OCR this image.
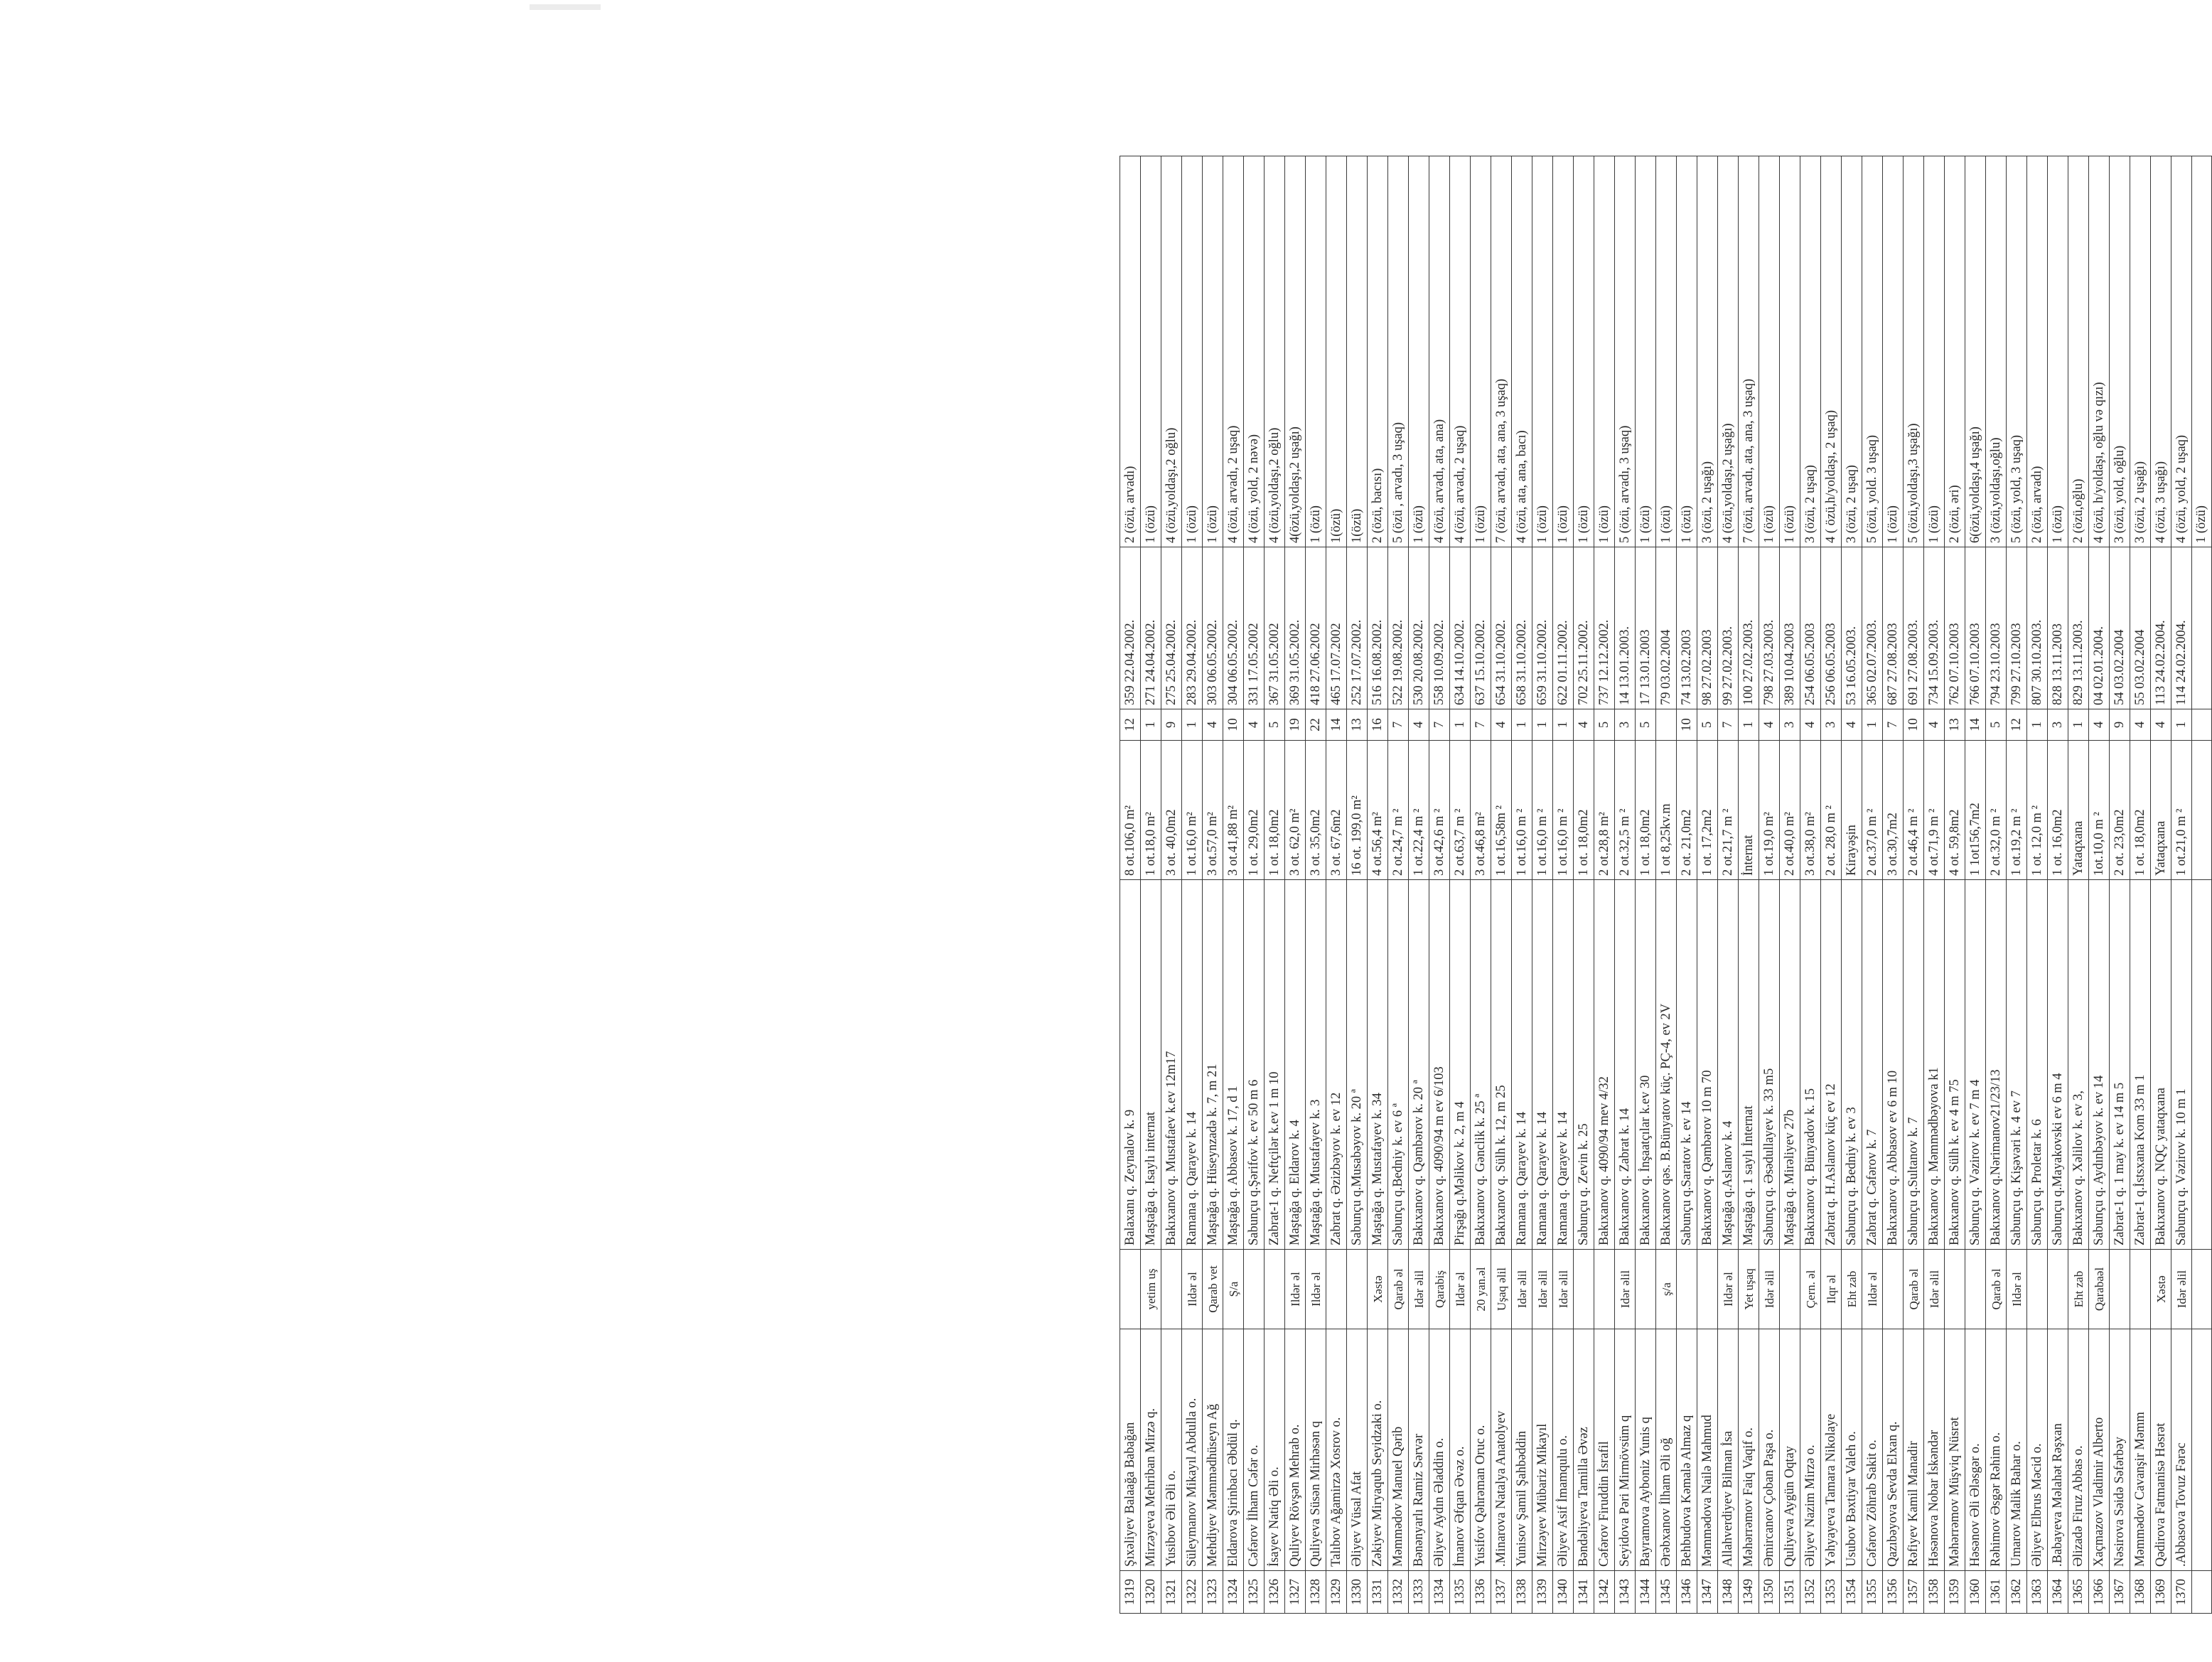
1319	Şıxəliyev Balaağa Babağan		Balaxanı q. Zeynalov k. 9	8 ot.106,0 m²	12	359 22.04.2002.	2 (özü, arvadı)
1320	Mirzəyeva Mehriban Mirzə q.	yetim uş	Maştağa q. Isaylı internat	1 ot.18,0 m²	1	271 24.04.2002.	1 (özü)
1321	Yusibov Əli Əli o.		Bakıxanov q. Mustafaev k.ev 12m17	3 ot. 40,0m2	9	275 25.04.2002.	4 (özü,yoldaşı,2 oğlu)
1322	Süleymanov Mikayıl Abdulla o.	Ildər əl	Ramana q. Qarayev k. 14	1 ot.16,0 m²	1	283 29.04.2002.	1 (özü)
1323	Mehdiyev Məmmədhüseyn Ağ	Qarab vet	Maştağa q. Hüseynzadə k. 7, m 21	3 ot.57,0 m²	4	303 06.05.2002.	1 (özü)
1324	Eldarova Şirinbacı Əbdül q.	Ş/a	Maştağa q. Abbasov k. 17, d 1	3 ot.41,88 m²	10	304 06.05.2002.	4 (özü, arvadı, 2 uşaq)
1325	Cəfərov İlham Cəfər o.		Sabunçu q.Şərifov k. ev 50 m 6	1 ot. 29,0m2	4	331 17.05.2002	4 (özü, yold, 2 nəvə)
1326	İsayev Natiq Əli o.		Zabrat-1 q. Neftçilər k.ev 1 m 10	1 ot. 18,0m2	5	367 31.05.2002	4 (özü,yoldaşı,2 oğlu)
1327	Quliyev Rövşən Mehrab o.	Ildər əl	Maştağa q. Eldarov k. 4	3 ot. 62,0 m²	19	369 31.05.2002.	4(özü,yoldaşı,2 uşağı)
1328	Quliyeva Süsən Mirhəsən q	Ildər əl	Maştağa q. Mustafayev k. 3	3 ot. 35,0m2	22	418 27.06.2002	1 (özü)
1329	Talıbov Ağamirzə Xosrov o.		Zabrat q. Əzizbəyov k. ev 12	3 ot. 67,6m2	14	465 17.07.2002	1(özü)
1330	Əliyev Vüsal Afat		Sabunçu q.Musabəyov k. 20 ª	16 ot. 199,0 m²	13	252 17.07.2002.	1(özü)
1331	Zəkiyev Miryaqub Seyidzaki o.	Xəstə	Maştağa q. Mustafayev k. 34	4 ot.56,4 m²	16	516 16.08.2002.	2 (özü, bacısı)
1332	Məmmədov Manuel Qərib	Qarab əl	Sabunçu q.Bedniy k. ev 6 ª	2 ot.24,7 m ²	7	522 19.08.2002.	5 (özü , arvadı, 3 uşaq)
1333	Bənənyarlı Ramiz Sərvər	Idər əlil	Bakıxanov q. Qəmbərov k. 20 ª	1 ot.22,4 m ²	4	530 20.08.2002.	1 (özü)
1334	Əliyev Aydın Əladdin o.	Qarabiş	Bakıxanov q. 4090/94 m ev 6/103	3 ot.42,6 m ²	7	558 10.09.2002.	4 (özü, arvadı, ata, ana)
1335	İmanov Əfqan Əvəz o.	Ildər əl	Pirşağı q.Məlikov k. 2, m 4	2 ot.63,7 m ²	1	634 14.10.2002.	4 (özü, arvadı, 2 uşaq)
1336	Yusifov Qəhrəman Oruc o.	20 yan.əl	Bakıxanov q. Gənclik k. 25 ª	3 ot.46,8 m²	7	637 15.10.2002.	1 (özü)
1337	.Minarova Natalya Anatolyev	Uşaq əlil	Bakıxanov q. Sülh k. 12, m 25	1 ot.16,58m ²	4	654 31.10.2002.	7 (özü, arvadı, ata, ana, 3 uşaq)
1338	Yunisov Şamil Şahbəddin	Idər əlil	Ramana q. Qarayev k. 14	1 ot.16,0 m ²	1	658 31.10.2002.	4 (özü, ata, ana, bacı)
1339	Mirzəyev Mübariz Mikayıl	Idər əlil	Ramana q. Qarayev k. 14	1 ot.16,0 m ²	1	659 31.10.2002.	1 (özü)
1340	Əliyev Asif İmamqulu o.	Idər əlil	Ramana q. Qarayev k. 14	1 ot.16,0 m ²	1	622 01.11.2002.	1 (özü)
1341	Bəndəliyeva Tamilla Əvəz		Sabunçu q. Zevin k. 25	1 ot. 18,0m2	4	702 25.11.2002.	1 (özü)
1342	Cəfərov Firuddin İsrafil		Bakıxanov q. 4090/94 mev 4/32	2 ot.28,8 m²	5	737 12.12.2002.	1 (özü)
1343	Seyidova Pəri Mirmövsüm q	Idər əlil	Bakıxanov q. Zabrat k. 14	2 ot.32,5 m ²	3	14 13.01.2003.	5 (özü, arvadı, 3 uşaq)
1344	Bayramova Ayboniz Yunis q		Bakıxanov q. İnşaatçılar k.ev 30	1 ot. 18,0m2	5	17 13.01.2003	1 (özü)
1345	Ərəbxanov İlham Əli oğ	ş/a	Bakıxanov qəs. B.Bünyatov küç. PÇ-4, ev 2V	1 ot 8,25kv.m		79 03.02.2004	1 (özü)
1346	Behbudova Kəmalə Almaz q		Sabunçu q.Saratov k. ev 14	2 ot. 21,0m2	10	74 13.02.2003	1 (özü)
1347	Məmmədova Nailə Mahmud		Bakıxanov q. Qəmbərov 10 m 70	1 ot. 17,2m2	5	98 27.02.2003	3 (özü, 2 uşağı)
1348	Allahverdiyev Bilman İsa	Ildər əl	Maştağa q.Aslanov k. 4	2 ot.21,7 m ²	7	99 27.02.2003.	4 (özü,yoldaşı,2 uşağı)
1349	Məhərrəmov Faiq Vaqif o.	Yet uşaq	Maştağa q. 1 saylı İnternat	İnternat	1	100 27.02.2003.	7 (özü, arvadı, ata, ana, 3 uşaq)
1350	Əmircanov Çoban Paşa o.	Idər əlil	Sabunçu q. Əsədullayev k. 33 m5	1 ot.19,0 m²	4	798 27.03.2003.	1 (özü)
1351	Quliyeva Aygün Oqtay		Maştağa q. Mirəliyev 27b	2 ot.40,0 m²	3	389 10.04.2003	1 (özü)
1352	Əliyev Nazim Mirzə o.	Çern. əl	Bakıxanov q. Bünyadov k. 15	3 ot.38,0 m²	4	254 06.05.2003	3 (özü, 2 uşaq)
1353	Yəhyayeva Tamara Nikolaye	Ilqr əl	Zabrat q. H.Aslanov küç ev 12	2 ot. 28,0 m ²	3	256 06.05.2003	4 ( özü,h/yoldaşı, 2 uşaq)
1354	Usubov Bəxtiyar Valeh o.	Eht zab	Sabunçu q. Bedniy k. ev 3	Kirayəşin	4	53 16.05.2003.	3 (özü, 2 uşaq)
1355	Cəfərov Zöhrab Sakit o.	Ildər əl	Zabrat q. Cəfərov k. 7	2 ot.37,0 m ²	1	365 02.07.2003.	5 (özü, yold. 3 uşaq)
1356	Qazıbəyova Sevda Elxan q.		Bakıxanov q. Abbasov ev 6 m 10	3 ot.30,7m2	7	687 27.08.2003	1 (özü)
1357	Rəfiyev Kamil Manadir	Qarab əl	Sabunçu q.Sultanov k. 7	2 ot.46,4 m ²	10	691 27.08.2003.	5 (özü,yoldaşı,3 uşağı)
1358	Həsənova Nobar İskəndər	Idər əlil	Bakıxanov q. Məmmədbəyova k1	4 ot.71,9 m ²	4	734 15.09.2003.	1 (özü)
1359	Məhərrəmov Müşviq Nüsrət		Bakıxanov q. Sülh k. ev 4 m 75	4 ot. 59,8m2	13	762 07.10.2003	2 (özü, əri)
1360	Həsənov Əli Ələsgər o.		Sabunçu q. Vəzirov k. ev 7 m 4	1 1ot156,7m2	14	766 07.10.2003	6(özü,yoldaşı,4 uşağı)
1361	Rəhimov Əsgər Rəhim o.	Qarab əl	Bakıxanov q.Nərimanov21/23/13	2 ot.32,0 m ²	5	794 23.10.2003	3 (özü,yoldaşı,oğlu)
1362	Umarov Malik Bahar o.	Ildər əl	Sabunçu q. Kişəvəri k. 4 ev 7	1 ot.19,2 m ²	12	799 27.10.2003	5 (özü, yold, 3 uşaq)
1363	Əliyev Elbrus Məcid o.		Sabunçu q. Proletar k. 6	1 ot. 12,0 m ²	1	807 30.10.2003.	2 (özü, arvadı)
1364	.Babayeva Məlahət Rəşxan		Sabunçu q.Mayakovski ev 6 m 4	1 ot. 16,0m2	3	828 13.11.2003	1 (özü)
1365	Əlizadə Firuz Abbas o.	Eht zab	Bakıxanov q. Xəlilov k. ev 3,	Yataqxana	1	829 13.11.2003.	2 (özü,oğlu)
1366	Xaçmazov Vladimir Alberto	Qarabaəl	Sabunçu q. Aydınbəyov k. ev 14	1ot.10,0 m ²	4	04 02.01.2004.	4 (özü, h/yoldaşı, oğlu və qızı)
1367	Nəsirova Səidə Səfərbəy		Zabrat-1 q. 1 may k. ev 14 m 5	2 ot. 23,0m2	9	54 03.02.2004	3 (özü, yold, oğlu)
1368	Məmmədov Cavanşir Məmm		Zabrat-1 q.İstsxana Kom 33 m 1	1 ot. 18,0m2	4	55 03.02.2004	3 (özü, 2 uşağı)
1369	Qədirova Fatmanisə Həsrət	Xəstə	Bakıxanov q. NQÇ yataqxana	Yataqxana	4	113 24.02.2004.	4 (özü, 3 uşağı)
1370	.Abbasova Tovuz Fərəc	Idər əlil	Sabunçu q. Vəzirov k. 10 m 1	1 ot.21,0 m ²	1	114 24.02.2004.	4 (özü, yold, 2 uşaq)
							1 (özü)
